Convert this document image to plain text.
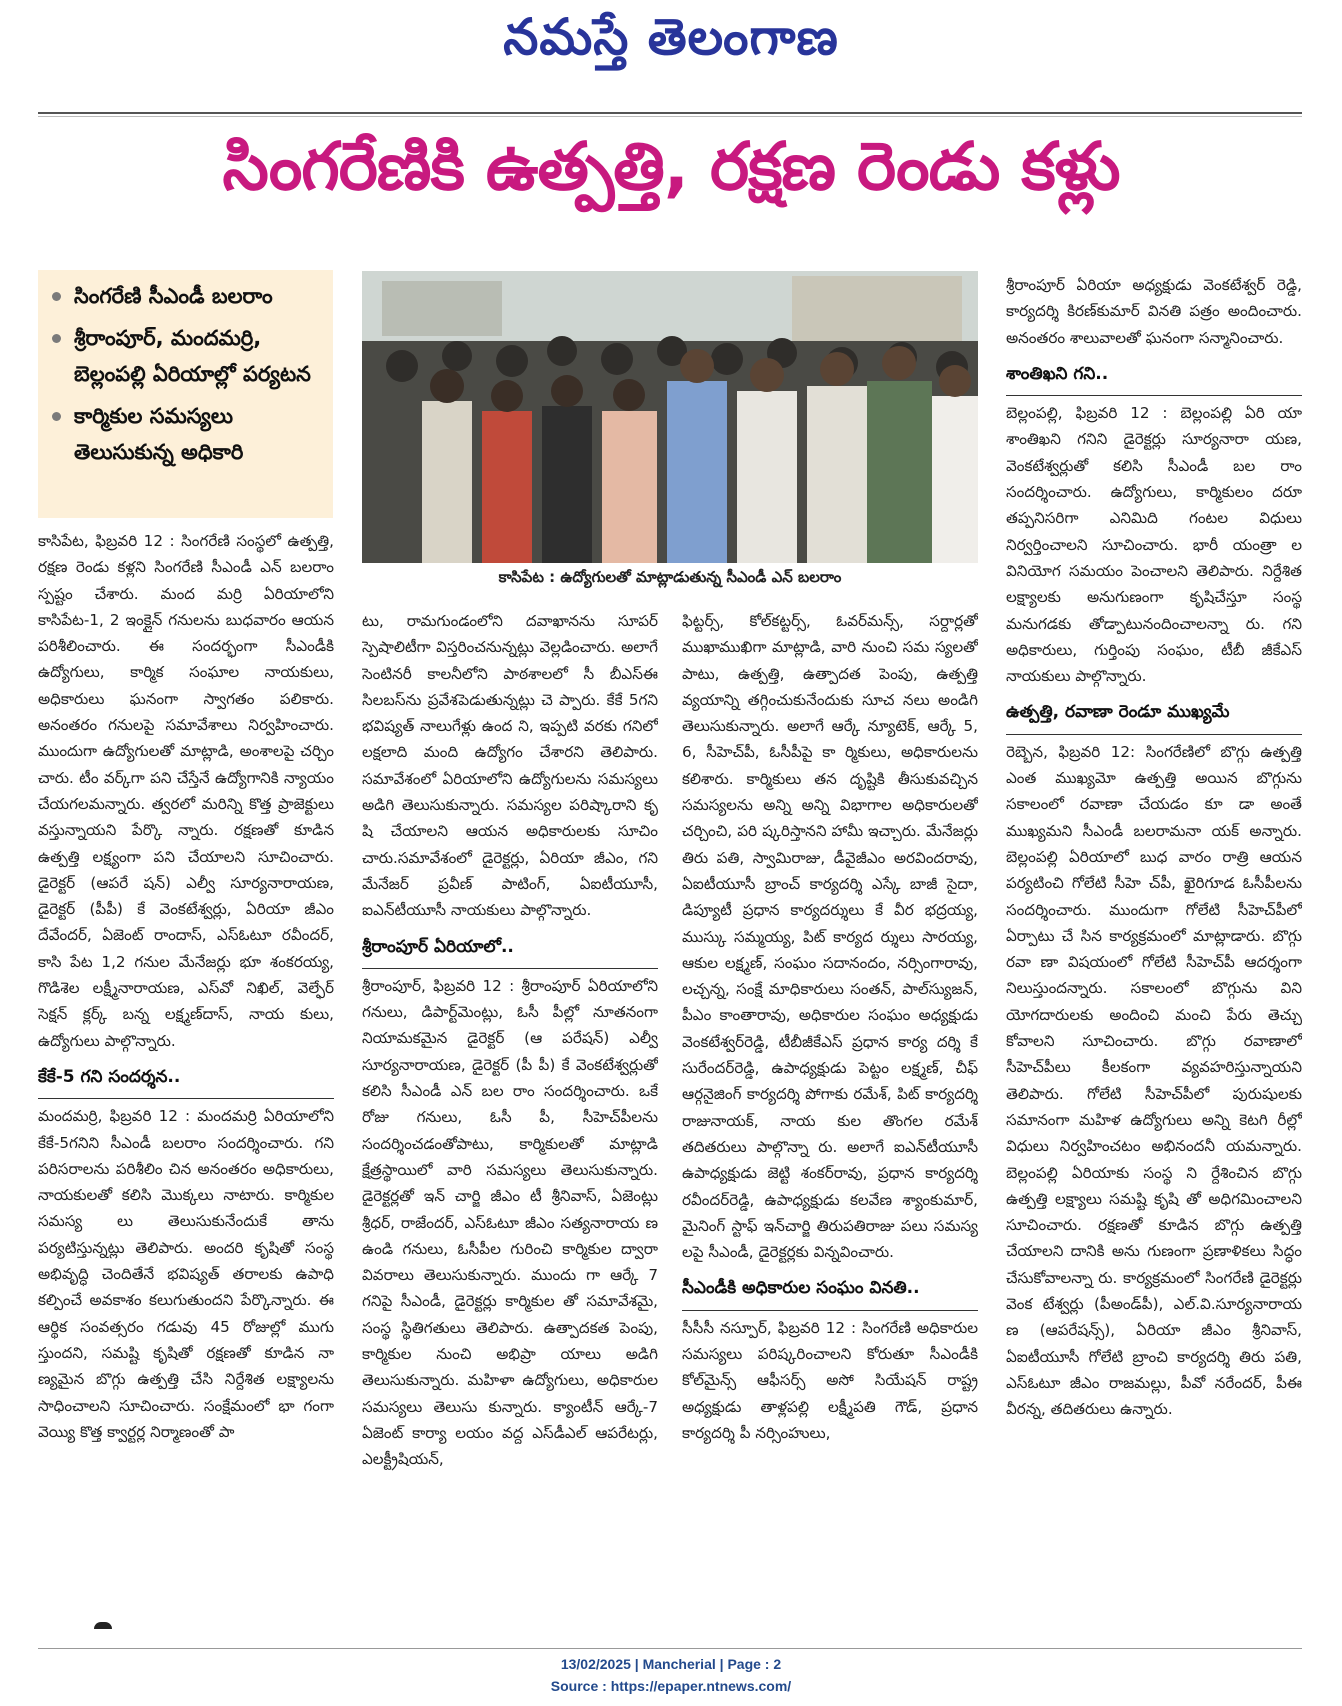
నమస్తే తెలంగాణ
సింగరేణికి ఉత్పత్తి, రక్షణ రెండు కళ్లు
సింగరేణి సీఎండీ బలరాం
శ్రీరాంపూర్, మందమర్రి, బెల్లంపల్లి ఏరియాల్లో పర్యటన
కార్మికుల సమస్యలు తెలుసుకున్న అధికారి
కాసిపేట : ఉద్యోగులతో మాట్లాడుతున్న సీఎండీ ఎన్ బలరాం

కాసిపేట, ఫిబ్రవరి 12 : సింగరేణి సంస్థలో ఉత్పత్తి, రక్షణ రెండు కళ్లని సింగరేణి సీఎండీ ఎన్ బలరాం స్పష్టం చేశారు. మంద మర్రి ఏరియాలోని కాసిపేట-1, 2 ఇంక్లైన్ గనులను బుధవారం ఆయన పరిశీలించారు. ఈ సందర్భంగా సీఎండీకి ఉద్యోగులు, కార్మిక సంఘాల నాయకులు, అధికారులు ఘనంగా స్వాగతం పలికారు. అనంతరం గనులపై సమావేశాలు నిర్వహించారు. ముందుగా ఉద్యోగులతో మాట్లాడి, అంశాలపై చర్చిం చారు. టీం వర్క్‌గా పని చేస్తేనే ఉద్యోగానికి న్యాయం చేయగలమన్నారు. త్వరలో మరిన్ని కొత్త ప్రాజెక్టులు వస్తున్నాయని పేర్కొ న్నారు. రక్షణతో కూడిన ఉత్పత్తి లక్ష్యంగా పని చేయాలని సూచించారు. డైరెక్టర్ (ఆపరే షన్) ఎల్వీ సూర్యనారాయణ, డైరెక్టర్ (పీపీ) కే వెంకటేశ్వర్లు, ఏరియా జీఎం దేవేందర్, ఏజెంట్ రాందాస్, ఎస్‌ఓటూ రవీందర్, కాసి పేట 1,2 గనుల మేనేజర్లు భూ శంకరయ్య, గొడిశెల లక్ష్మీనారాయణ, ఎస్‌వో నిఖిల్, వెల్ఫేర్ సెక్షన్ క్లర్క్ బన్న లక్ష్మణ్‌దాస్, నాయ కులు, ఉద్యోగులు పాల్గొన్నారు.

కేకే-5 గని సందర్శన..

మందమర్రి, ఫిబ్రవరి 12 : మందమర్రి ఏరియాలోని కేకే-5గనిని సీఎండీ బలరాం సందర్శించారు. గని పరిసరాలను పరిశీలిం చిన అనంతరం అధికారులు, నాయకులతో కలిసి మొక్కలు నాటారు. కార్మికుల సమస్య లు తెలుసుకునేందుకే తాను పర్యటిస్తున్నట్లు తెలిపారు. అందరి కృషితో సంస్థ అభివృద్ధి చెందితేనే భవిష్యత్ తరాలకు ఉపాధి కల్పించే అవకాశం కలుగుతుందని పేర్కొన్నారు. ఈ ఆర్థిక సంవత్సరం గడువు 45 రోజుల్లో ముగు స్తుందని, సమష్టి కృషితో రక్షణతో కూడిన నా ణ్యమైన బొగ్గు ఉత్పత్తి చేసి నిర్దేశిత లక్ష్యాలను సాధించాలని సూచించారు. సంక్షేమంలో భా గంగా వెయ్యి కొత్త క్వార్టర్ల నిర్మాణంతో పా

టు, రామగుండంలోని దవాఖానను సూపర్ స్పెషాలిటీగా విస్తరించనున్నట్లు వెల్లడించారు. అలాగే సెంటినరీ కాలనీలోని పాఠశాలలో సీ బీఎస్‌ఈ సిలబస్‌ను ప్రవేశపెడుతున్నట్లు చె ప్పారు. కేకే 5గని భవిష్యత్ నాలుగేళ్లు ఉంద ని, ఇప్పటి వరకు గనిలో లక్షలాది మంది ఉద్యోగం చేశారని తెలిపారు. సమావేశంలో ఏరియాలోని ఉద్యోగులను సమస్యలు అడిగి తెలుసుకున్నారు. సమస్యల పరిష్కారాని కృ షి చేయాలని ఆయన అధికారులకు సూచిం చారు.సమావేశంలో డైరెక్టర్లు, ఏరియా జీఎం, గని మేనేజర్ ప్రవీణ్ పాటింగ్, ఏఐటీయూసీ, ఐఎన్‌టీయూసీ నాయకులు పాల్గొన్నారు.

శ్రీరాంపూర్ ఏరియాలో..

శ్రీరాంపూర్, ఫిబ్రవరి 12 : శ్రీరాంపూర్ ఏరియాలోని గనులు, డిపార్ట్‌మెంట్లు, ఓసీ పీల్లో నూతనంగా నియామకమైన డైరెక్టర్ (ఆ పరేషన్) ఎల్వీ సూర్యనారాయణ, డైరెక్టర్ (పీ పీ) కే వెంకటేశ్వర్లుతో కలిసి సీఎండీ ఎన్ బల రాం సందర్శించారు. ఒకే రోజు గనులు, ఓసీ పీ, సీహెచ్‌పీలను సందర్శించడంతోపాటు, కార్మికులతో మాట్లాడి క్షేత్రస్థాయిలో వారి సమస్యలు తెలుసుకున్నారు. డైరెక్టర్లతో ఇన్ చార్జి జీఎం టీ శ్రీనివాస్, ఏజెంట్లు శ్రీధర్, రాజేందర్, ఎస్‌ఓటూ జీఎం సత్యనారాయ ణ ఉండి గనులు, ఓసీపీల గురించి కార్మికుల ద్వారా వివరాలు తెలుసుకున్నారు. ముందు గా ఆర్కే 7 గనిపై సీఎండీ, డైరెక్టర్లు కార్మికుల తో సమావేశమై, సంస్థ స్థితిగతులు తెలిపారు. ఉత్పాదకత పెంపు, కార్మికుల నుంచి అభిప్రా యాలు అడిగి తెలుసుకున్నారు. మహిళా ఉద్యోగులు, అధికారుల సమస్యలు తెలుసు కున్నారు. క్యాంటీన్ ఆర్కే-7 ఏజెంట్ కార్యా లయం వద్ద ఎస్‌డీఎల్ ఆపరేటర్లు, ఎలక్ట్రీషియన్,

ఫిట్టర్స్, కోల్‌కట్టర్స్, ఓవర్‌మన్స్, సర్దార్లతో ముఖాముఖిగా మాట్లాడి, వారి నుంచి సమ స్యలతో పాటు, ఉత్పత్తి, ఉత్పాదత పెంపు, ఉత్పత్తి వ్యయాన్ని తగ్గించుకునేందుకు సూచ నలు అండిగి తెలుసుకున్నారు. అలాగే ఆర్కే న్యూటెక్, ఆర్కే 5, 6, సీహెచ్‌పీ, ఓసీపీపై కా ర్మికులు, అధికారులను కలిశారు. కార్మికులు తన దృష్టికి తీసుకువచ్చిన సమస్యలను అన్ని అన్ని విభాగాల అధికారులతో చర్చించి, పరి ష్కరిస్తానని హామీ ఇచ్చారు. మేనేజర్లు తిరు పతి, స్వామిరాజు, డీవైజీఎం అరవిందరావు, ఏఐటీయూసీ బ్రాంచ్ కార్యదర్శి ఎస్కే బాజీ సైదా, డిప్యూటీ ప్రధాన కార్యదర్శులు కే వీర భద్రయ్య, ముస్కు సమ్మయ్య, పిట్ కార్యద ర్శులు సారయ్య, ఆకుల లక్ష్మణ్, సంఘం సదానందం, నర్సింగారావు, లచ్చన్న, సంక్షే మాధికారులు సంతన్, పాల్‌స్యుజన్, పీఎం కాంతారావు, అధికారుల సంఘం అధ్యక్షుడు వెంకటేశ్వర్‌రెడ్డి, టీబీజీకేఎస్ ప్రధాన కార్య దర్శి కే సురేందర్‌రెడ్డి, ఉపాధ్యక్షుడు పెట్టం లక్ష్మణ్, చీఫ్ ఆర్గనైజింగ్ కార్యదర్శి పోగాకు రమేశ్, పిట్ కార్యదర్శి రాజునాయక్, నాయ కుల తొంగల రమేశ్ తదితరులు పాల్గొన్నా రు. అలాగే ఐఎన్‌టీయూసీ ఉపాధ్యక్షుడు జెట్టి శంకర్‌రావు, ప్రధాన కార్యదర్శి రవీందర్‌రెడ్డి, ఉపాధ్యక్షుడు కలవేణ శ్యాంకుమార్, మైనింగ్ స్టాఫ్ ఇన్‌చార్జి తిరుపతిరాజు పలు సమస్య లపై సీఎండీ, డైరెక్టర్లకు విన్నవించారు.

సీఎండీకి అధికారుల సంఘం వినతి..

సీసీసీ నస్పూర్, ఫిబ్రవరి 12 : సింగరేణి అధికారుల సమస్యలు పరిష్కరించాలని కోరుతూ సీఎండీకి కోల్‌మైన్స్ ఆఫీసర్స్ అసో సియేషన్ రాష్ట్ర అధ్యక్షుడు తాళ్లపల్లి లక్ష్మీపతి గౌడ్, ప్రధాన కార్యదర్శి పీ నర్సింహులు,

శ్రీరాంపూర్ ఏరియా అధ్యక్షుడు వెంకటేశ్వర్ రెడ్డి, కార్యదర్శి కిరణ్‌కుమార్ వినతి పత్రం అందించారు. అనంతరం శాలువాలతో ఘనంగా సన్మానించారు.

శాంతిఖని గని..

బెల్లంపల్లి, ఫిబ్రవరి 12 : బెల్లంపల్లి ఏరి యా శాంతిఖని గనిని డైరెక్టర్లు సూర్యనారా యణ, వెంకటేశ్వర్లుతో కలిసి సీఎండీ బల రాం సందర్శించారు. ఉద్యోగులు, కార్మికులం దరూ తప్పనిసరిగా ఎనిమిది గంటల విధులు నిర్వర్తించాలని సూచించారు. భారీ యంత్రా ల వినియోగ సమయం పెంచాలని తెలిపారు. నిర్దేశిత లక్ష్యాలకు అనుగుణంగా కృషిచేస్తూ సంస్థ మనుగడకు తోడ్పాటునందించాలన్నా రు. గని అధికారులు, గుర్తింపు సంఘం, టీబీ జీకేఎస్ నాయకులు పాల్గొన్నారు.

ఉత్పత్తి, రవాణా రెండూ ముఖ్యమే

రెబ్బెన, ఫిబ్రవరి 12: సింగరేణిలో బొగ్గు ఉత్పత్తి ఎంత ముఖ్యమో ఉత్పత్తి అయిన బొగ్గును సకాలంలో రవాణా చేయడం కూ డా అంతే ముఖ్యమని సీఎండీ బలరామనా యక్ అన్నారు. బెల్లంపల్లి ఏరియాలో బుధ వారం రాత్రి ఆయన పర్యటించి గోలేటి సీహె చ్‌పీ, ఖైరిగూడ ఓసీపీలను సందర్శించారు. ముందుగా గోలేటి సీహెచ్‌పీలో ఏర్పాటు చే సిన కార్యక్రమంలో మాట్లాడారు. బొగ్గు రవా ణా విషయంలో గోలేటి సీహెచ్‌పీ ఆదర్శంగా నిలుస్తుందన్నారు. సకాలంలో బొగ్గును విని యోగదారులకు అందించి మంచి పేరు తెచ్చు కోవాలని సూచించారు. బొగ్గు రవాణాలో సీహెచ్‌పీలు కీలకంగా వ్యవహరిస్తున్నాయని తెలిపారు. గోలేటి సీహెచ్‌పీలో పురుషులకు సమానంగా మహిళ ఉద్యోగులు అన్ని కెటగి రీల్లో విధులు నిర్వహించటం అభినందనీ యమన్నారు. బెల్లంపల్లి ఏరియాకు సంస్థ ని ర్దేశించిన బొగ్గు ఉత్పత్తి లక్ష్యాలు సమష్టి కృషి తో అధిగమించాలని సూచించారు. రక్షణతో కూడిన బొగ్గు ఉత్పత్తి చేయాలని దానికి అను గుణంగా ప్రణాళికలు సిద్ధం చేసుకోవాలన్నా రు. కార్యక్రమంలో సింగరేణి డైరెక్టర్లు వెంక టేశ్వర్లు (పీఅండ్‌పీ), ఎల్.వి.సూర్యనారాయ ణ (ఆపరేషన్స్), ఏరియా జీఎం శ్రీనివాస్, ఏఐటీయూసీ గోలేటి బ్రాంచి కార్యదర్శి తిరు పతి, ఎస్‌ఓటూ జీఎం రాజమల్లు, పీవో నరేందర్, పీఈ వీరన్న, తదితరులు ఉన్నారు.

13/02/2025 | Mancherial | Page : 2
Source : https://epaper.ntnews.com/
